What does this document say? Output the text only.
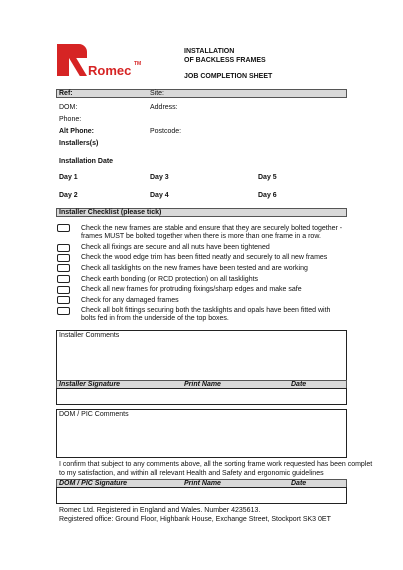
Romec TM
INSTALLATION
OF BACKLESS FRAMES
JOB COMPLETION SHEET
Ref:	Site:
DOM:	Address:
Phone:
Alt Phone:	Postcode:
Installers(s)
Installation Date
Day 1	Day 3	Day 5
Day 2	Day 4	Day 6
Installer Checklist (please tick)
Check the new frames are stable and ensure that they are securely bolted together -
frames MUST be bolted together when there is more than one frame in a row.
Check all fixings are secure and all nuts have been tightened
Check the wood edge trim has been fitted neatly and securely to all new frames
Check all tasklights on the new frames have been tested and are working
Check earth bonding (or RCD protection) on all tasklights
Check all new frames for protruding fixings/sharp edges and make safe
Check for any damaged frames
Check all bolt fittings securing both the tasklights and opals have been fitted with
bolts fed in from the underside of the top boxes.
Installer Comments
Installer Signature	Print Name	Date
DOM / PIC Comments
I confirm that subject to any comments above, all the sorting frame work requested has been complet
to my satisfaction, and within all relevant Health and Safety and ergonomic guidelines
DOM / PIC Signature	Print Name	Date
Romec Ltd. Registered in England and Wales. Number 4235613.
Registered office: Ground Floor, Highbank House, Exchange Street, Stockport SK3 0ET
